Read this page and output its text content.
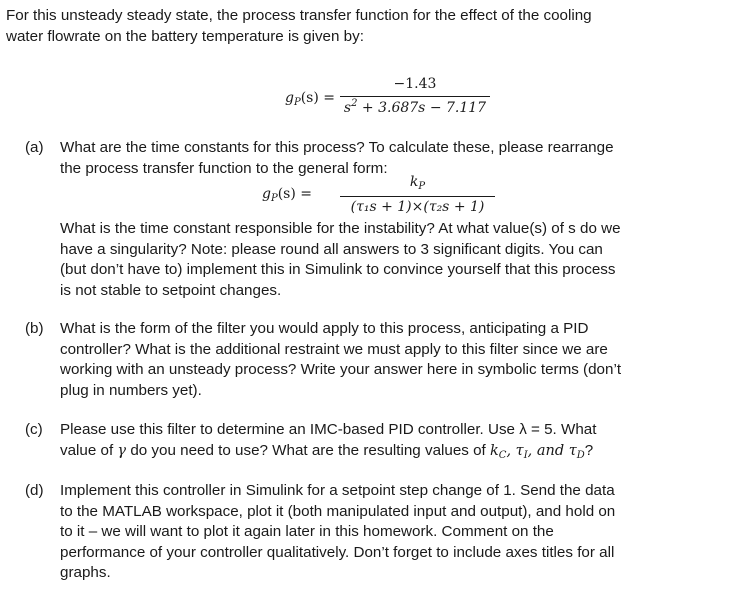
For this unsteady steady state, the process transfer function for the effect of the cooling
water flowrate on the battery temperature is given by:
$g_P(s)$ =
−1.43
$s^2 + 3.687s - 7.117$
(a) What are the time constants for this process? To calculate these, please rearrange
the process transfer function to the general form:
$g_P(s)$ =
$k_P$
(τ₁s + 1)×(τ₂s + 1)
What is the time constant responsible for the instability? At what value(s) of s do we
have a singularity? Note: please round all answers to 3 significant digits. You can
(but don’t have to) implement this in Simulink to convince yourself that this process
is not stable to setpoint changes.
(b) What is the form of the filter you would apply to this process, anticipating a PID
controller? What is the additional restraint we must apply to this filter since we are
working with an unsteady process? Write your answer here in symbolic terms (don’t
plug in numbers yet).
(c) Please use this filter to determine an IMC-based PID controller. Use λ = 5. What
value of γ do you need to use? What are the resulting values of $k_C$, $\tau_I$, and $\tau_D$?
(d) Implement this controller in Simulink for a setpoint step change of 1. Send the data
to the MATLAB workspace, plot it (both manipulated input and output), and hold on
to it – we will want to plot it again later in this homework. Comment on the
performance of your controller qualitatively. Don’t forget to include axes titles for all
graphs.
